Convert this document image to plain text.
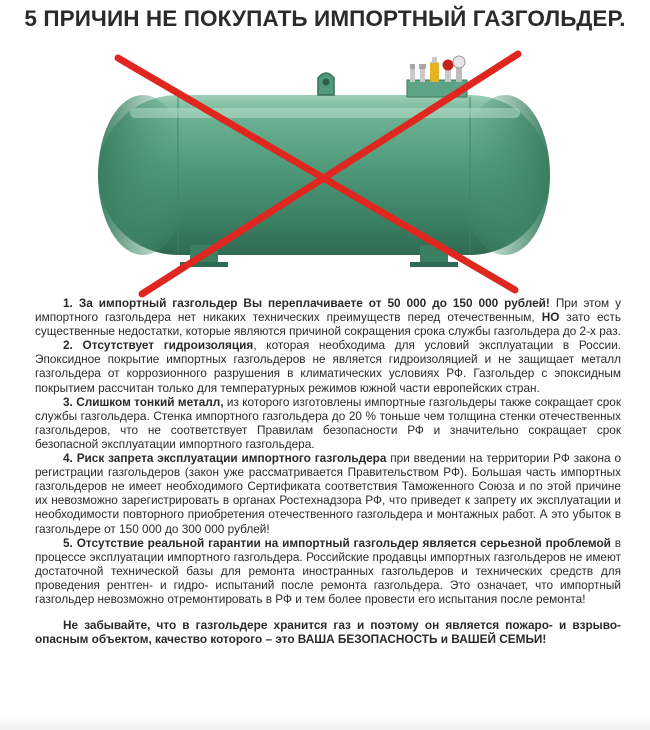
5 ПРИЧИН НЕ ПОКУПАТЬ ИМПОРТНЫЙ ГАЗГОЛЬДЕР.

1. За импортный газгольдер Вы переплачиваете от 50 000 до 150 000 рублей! При этом у импортного газгольдера нет никаких технических преимуществ перед отечественным, НО зато есть существенные недостатки, которые являются причиной сокращения срока службы газгольдера до 2-х раз.

2. Отсутствует гидроизоляция, которая необходима для условий эксплуатации в России. Эпоксидное покрытие импортных газгольдеров не является гидроизоляцией и не защищает металл газгольдера от коррозионного разрушения в климатических условиях РФ. Газгольдер с эпоксидным покрытием рассчитан только для температурных режимов южной части европейских стран.

3. Слишком тонкий металл, из которого изготовлены импортные газгольдеры также сокращает срок службы газгольдера. Стенка импортного газгольдера до 20 % тоньше чем толщина стенки отечественных газгольдеров, что не соответствует Правилам безопасности РФ и значительно сокращает срок безопасной эксплуатации импортного газгольдера.

4. Риск запрета эксплуатации импортного газгольдера при введении на территории РФ закона о регистрации газгольдеров (закон уже рассматривается Правительством РФ). Большая часть импортных газгольдеров не имеет необходимого Сертификата соответствия Таможенного Союза и по этой причине их невозможно зарегистрировать в органах Ростехнадзора РФ, что приведет к запрету их эксплуатации и необходимости повторного приобретения отечественного газгольдера и монтажных работ. А это убыток в газгольдере от 150 000 до 300 000 рублей!

5. Отсутствие реальной гарантии на импортный газгольдер является серьезной проблемой в процессе эксплуатации импортного газгольдера. Российские продавцы импортных газгольдеров не имеют достаточной технической базы для ремонта иностранных газгольдеров и технических средств для проведения рентген- и гидро- испытаний после ремонта газгольдера. Это означает, что импортный газгольдер невозможно отремонтировать в РФ и тем более провести его испытания после ремонта!

Не забывайте, что в газгольдере хранится газ и поэтому он является пожаро- и взрыво-опасным объектом, качество которого – это ВАША БЕЗОПАСНОСТЬ и ВАШЕЙ СЕМЬИ!
